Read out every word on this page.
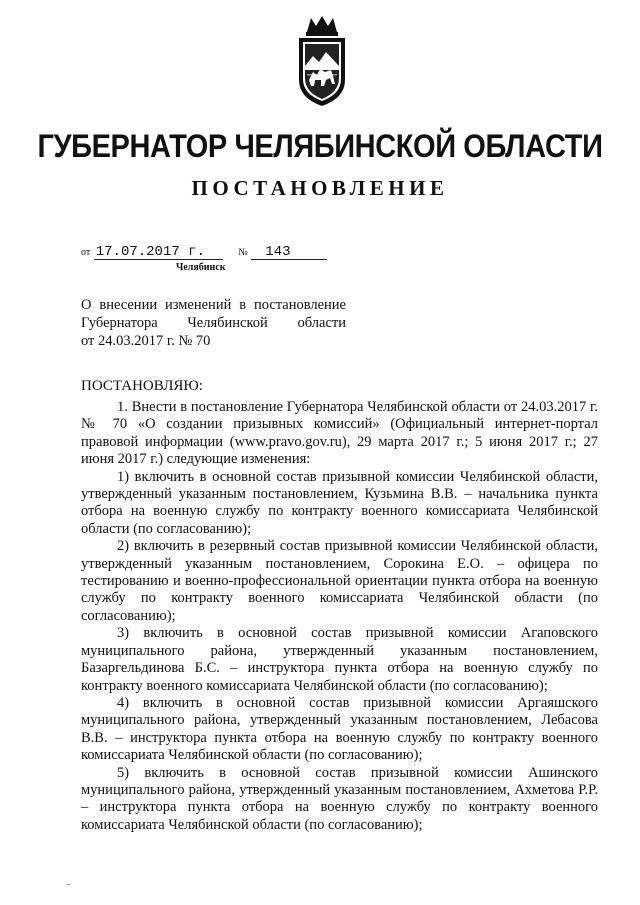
ГУБЕРНАТОР ЧЕЛЯБИНСКОЙ ОБЛАСТИ
ПОСТАНОВЛЕНИЕ
от 17.07.2017 г.	№ 143
Челябинск
О внесении изменений в постановление
Губернатора Челябинской области
от 24.03.2017 г. № 70
ПОСТАНОВЛЯЮ:

1. Внести в постановление Губернатора Челябинской области от 24.03.2017 г. № 70 «О создании призывных комиссий» (Официальный интернет-портал правовой информации (www.pravo.gov.ru), 29 марта 2017 г.; 5 июня 2017 г.; 27 июня 2017 г.) следующие изменения:

1) включить в основной состав призывной комиссии Челябинской области, утвержденный указанным постановлением, Кузьмина В.В. – начальника пункта отбора на военную службу по контракту военного комиссариата Челябинской области (по согласованию);

2) включить в резервный состав призывной комиссии Челябинской области, утвержденный указанным постановлением, Сорокина Е.О. – офицера по тестированию и военно-профессиональной ориентации пункта отбора на военную службу по контракту военного комиссариата Челябинской области (по согласованию);

3) включить в основной состав призывной комиссии Агаповского муниципального района, утвержденный указанным постановлением, Базаргельдинова Б.С. – инструктора пункта отбора на военную службу по контракту военного комиссариата Челябинской области (по согласованию);

4) включить в основной состав призывной комиссии Аргаяшского муниципального района, утвержденный указанным постановлением, Лебасова В.В. – инструктора пункта отбора на военную службу по контракту военного комиссариата Челябинской области (по согласованию);

5) включить в основной состав призывной комиссии Ашинского муниципального района, утвержденный указанным постановлением, Ахметова Р.Р. – инструктора пункта отбора на военную службу по контракту военного комиссариата Челябинской области (по согласованию);
